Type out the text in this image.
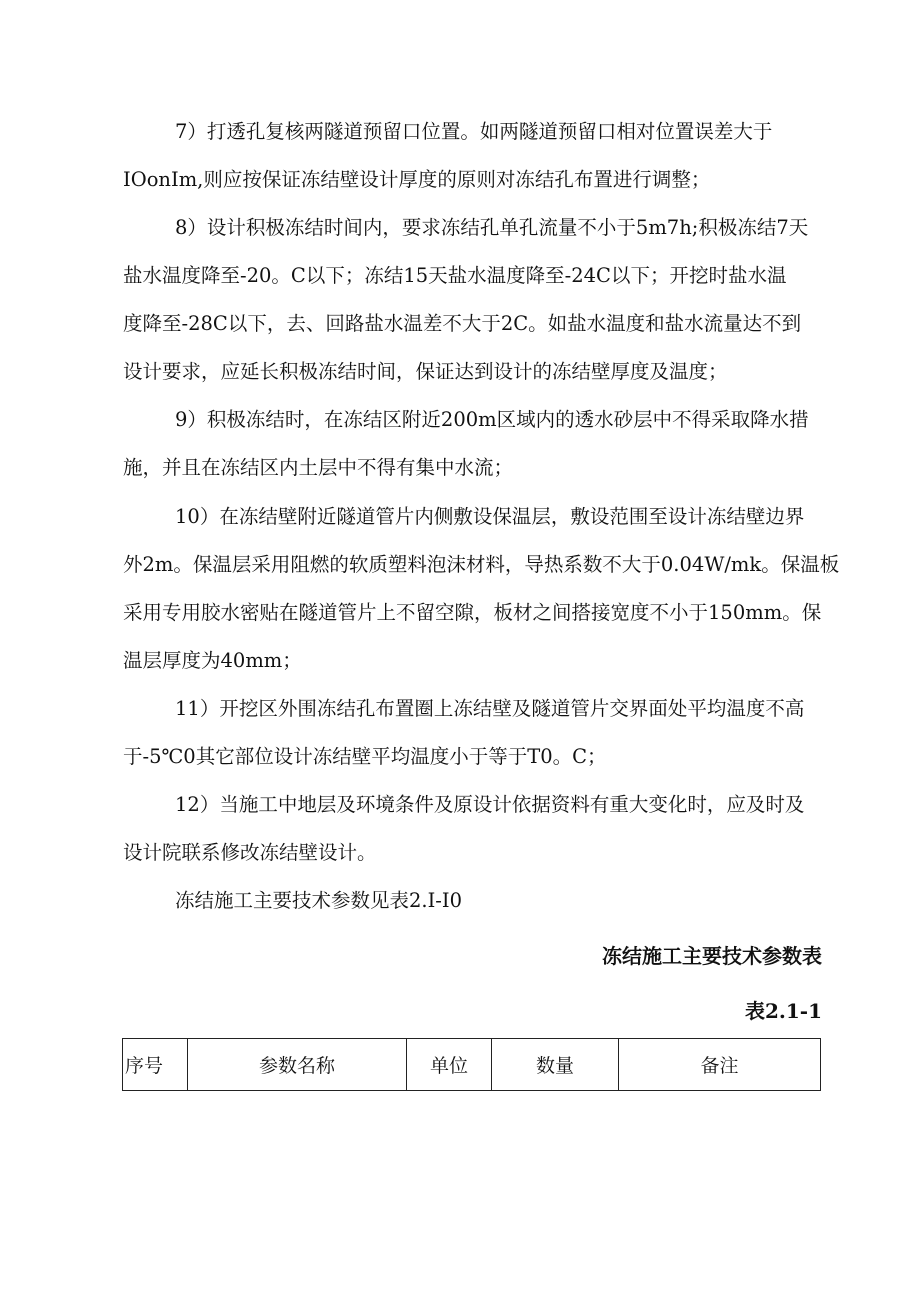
7）打透孔复核两隧道预留口位置。如两隧道预留口相对位置误差大于
IOonIm,则应按保证冻结壁设计厚度的原则对冻结孔布置进行调整；
8）设计积极冻结时间内，要求冻结孔单孔流量不小于5m7h;积极冻结7天
盐水温度降至-20。C以下；冻结15天盐水温度降至-24C以下；开挖时盐水温
度降至-28C以下，去、回路盐水温差不大于2C。如盐水温度和盐水流量达不到
设计要求，应延长积极冻结时间，保证达到设计的冻结壁厚度及温度；
9）积极冻结时，在冻结区附近200m区域内的透水砂层中不得采取降水措
施，并且在冻结区内土层中不得有集中水流；
10）在冻结壁附近隧道管片内侧敷设保温层，敷设范围至设计冻结壁边界
外2m。保温层采用阻燃的软质塑料泡沫材料，导热系数不大于0.04W/mk。保温板
采用专用胶水密贴在隧道管片上不留空隙，板材之间搭接宽度不小于150mm。保
温层厚度为40mm；
11）开挖区外围冻结孔布置圈上冻结壁及隧道管片交界面处平均温度不高
于-5℃0其它部位设计冻结壁平均温度小于等于T0。C；
12）当施工中地层及环境条件及原设计依据资料有重大变化时，应及时及
设计院联系修改冻结壁设计。
冻结施工主要技术参数见表2.I-I0
冻结施工主要技术参数表
表2.1-1
序号	参数名称	单位	数量	备注
